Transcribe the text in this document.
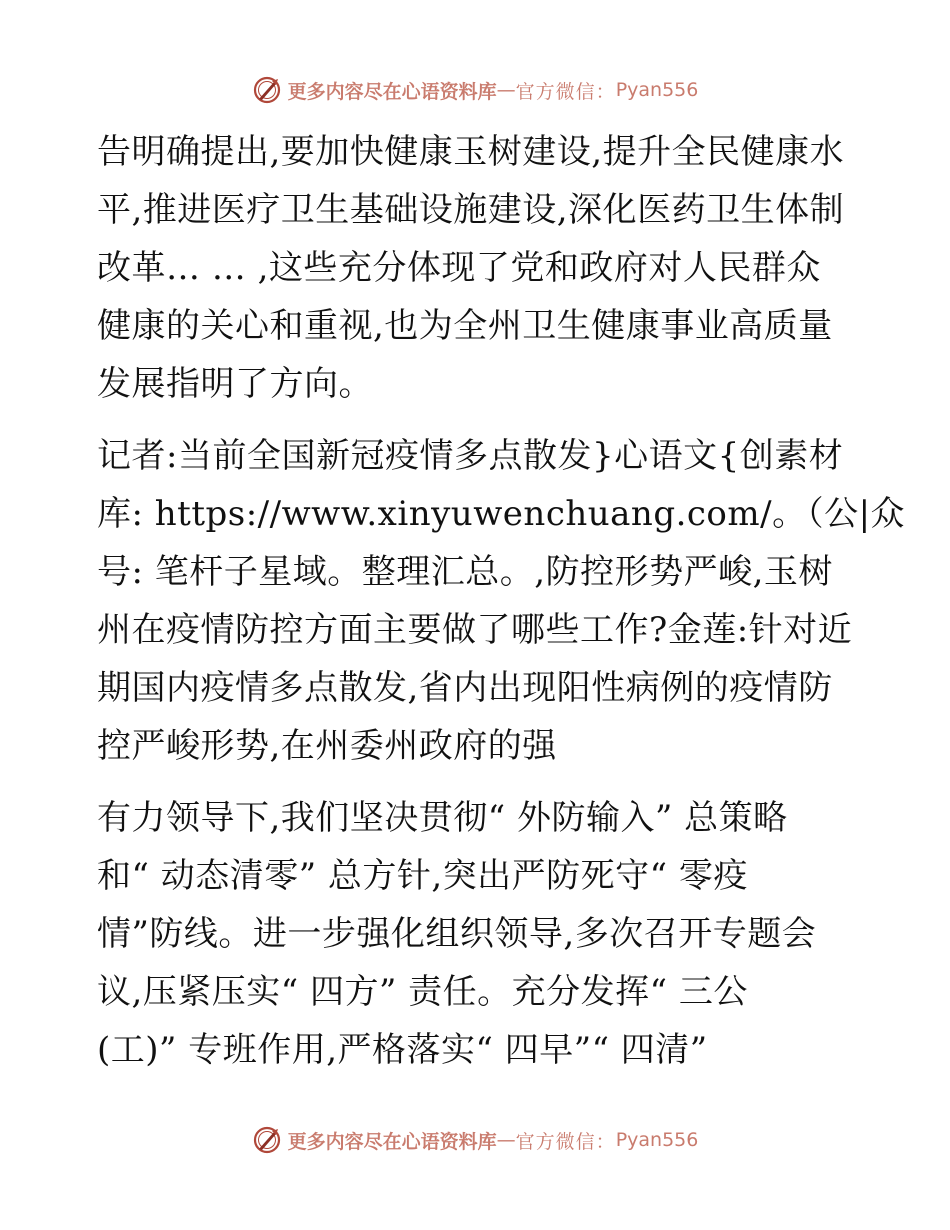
更多内容尽在心语资料库 — 官方微信： Pyan556
告明确提出,要加快健康玉树建设,提升全民健康水
平,推进医疗卫生基础设施建设,深化医药卫生体制
改革… … ,这些充分体现了党和政府对人民群众
健康的关心和重视,也为全州卫生健康事业高质量
发展指明了方向。
记者:当前全国新冠疫情多点散发}心语文{创素材
库: https://www.xinyuwenchuang.com/。（公|众
号: 笔杆子星域。整理汇总。,防控形势严峻,玉树
州在疫情防控方面主要做了哪些工作?金莲:针对近
期国内疫情多点散发,省内出现阳性病例的疫情防
控严峻形势,在州委州政府的强
有力领导下,我们坚决贯彻“ 外防输入” 总策略
和“ 动态清零” 总方针,突出严防死守“ 零疫
情”防线。进一步强化组织领导,多次召开专题会
议,压紧压实“ 四方” 责任。充分发挥“ 三公
(工)” 专班作用,严格落实“ 四早”“ 四清”
更多内容尽在心语资料库 — 官方微信： Pyan556
